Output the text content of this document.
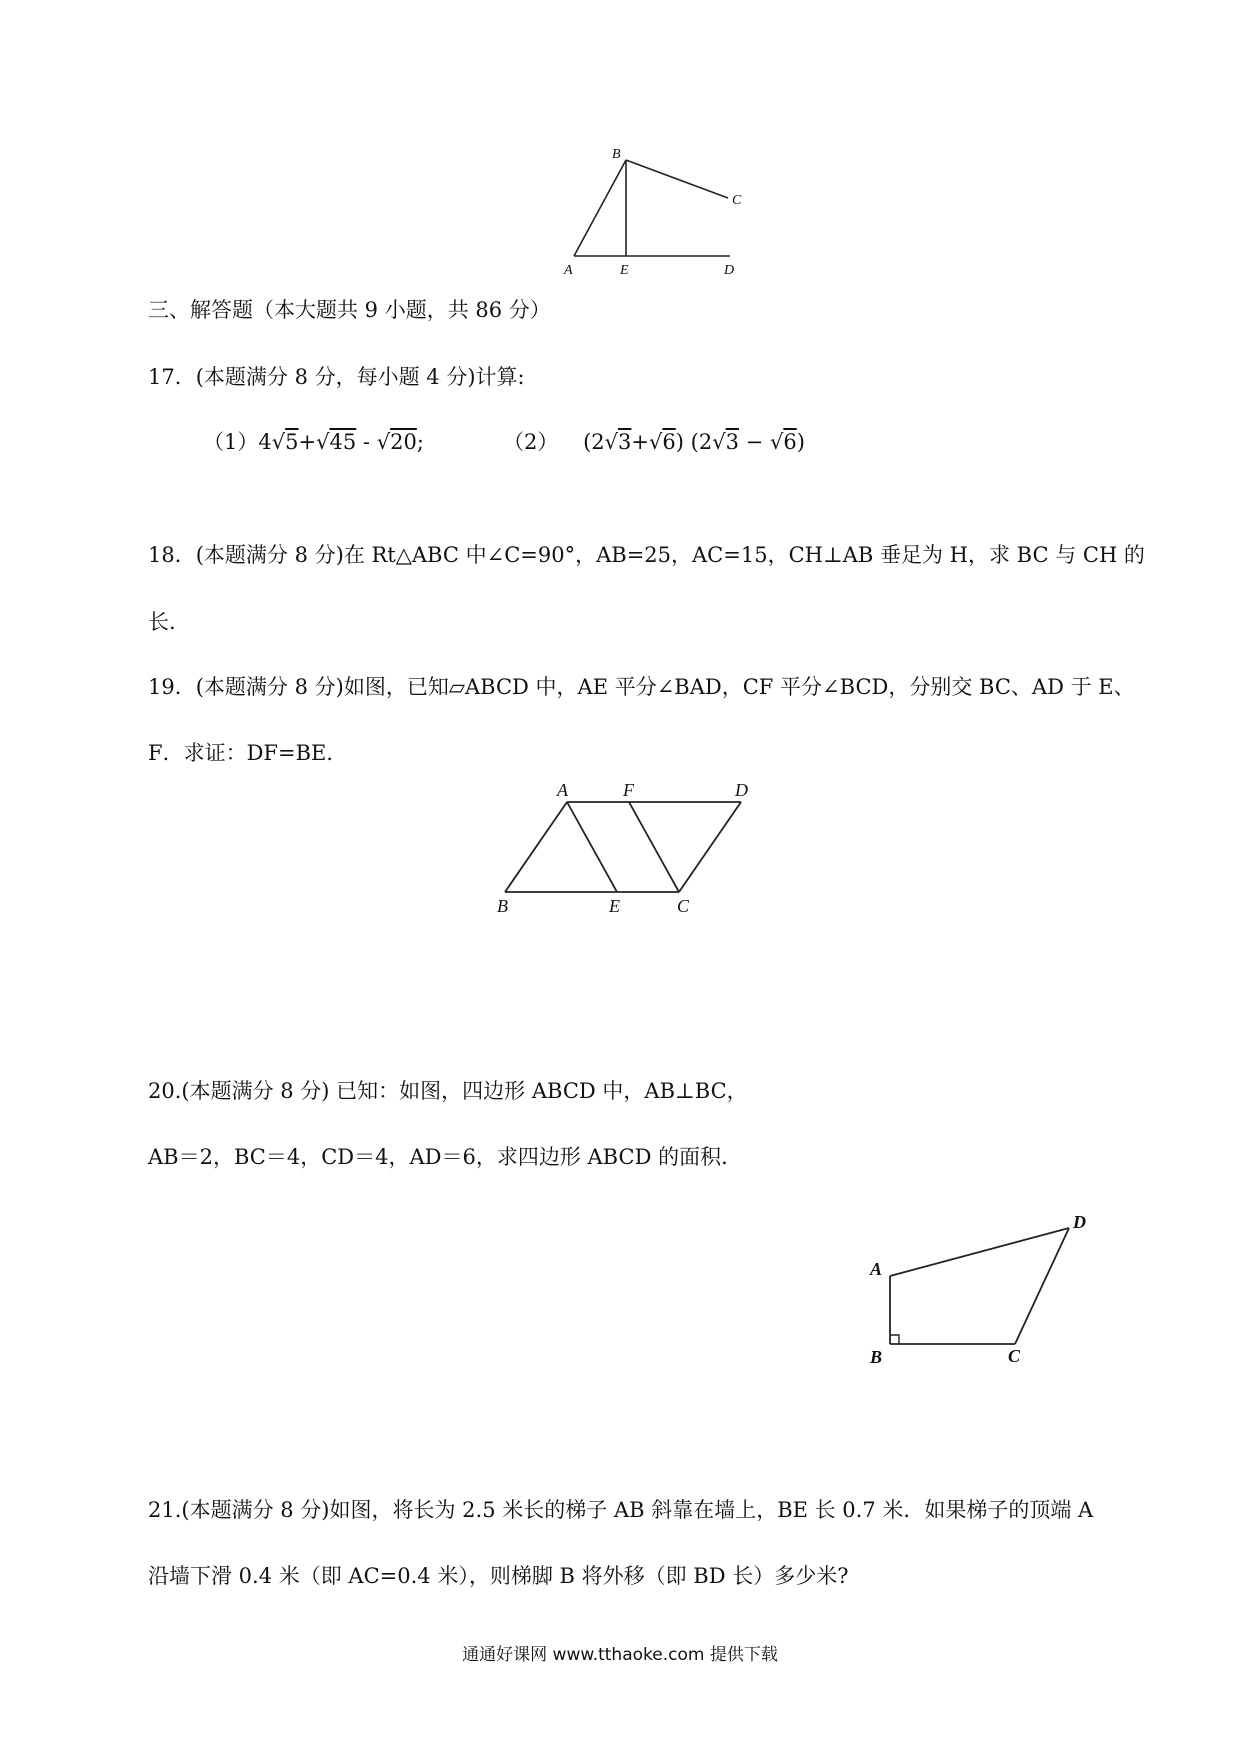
B
C
A	E	D
三、解答题（本大题共 9 小题，共 86 分）
17．(本题满分 8 分，每小题 4 分)计算:
（1）4√5+√45 - √20;	（2） (2√3+√6) (2√3 − √6)
18．(本题满分 8 分)在 Rt△ABC 中∠C=90°，AB=25，AC=15，CH⊥AB 垂足为 H，求 BC 与 CH 的
长.
19．(本题满分 8 分)如图，已知▱ABCD 中，AE 平分∠BAD，CF 平分∠BCD，分别交 BC、AD 于 E、
F．求证：DF=BE．
A	F	D
B	E	C
20.(本题满分 8 分) 已知：如图，四边形 ABCD 中，AB⊥BC，
AB＝2，BC＝4，CD＝4，AD＝6，求四边形 ABCD 的面积．
A
B	C
D
21.(本题满分 8 分)如图，将长为 2.5 米长的梯子 AB 斜靠在墙上，BE 长 0.7 米．如果梯子的顶端 A
沿墙下滑 0.4 米（即 AC=0.4 米），则梯脚 B 将外移（即 BD 长）多少米?
通通好课网 www.tthaoke.com 提供下载
